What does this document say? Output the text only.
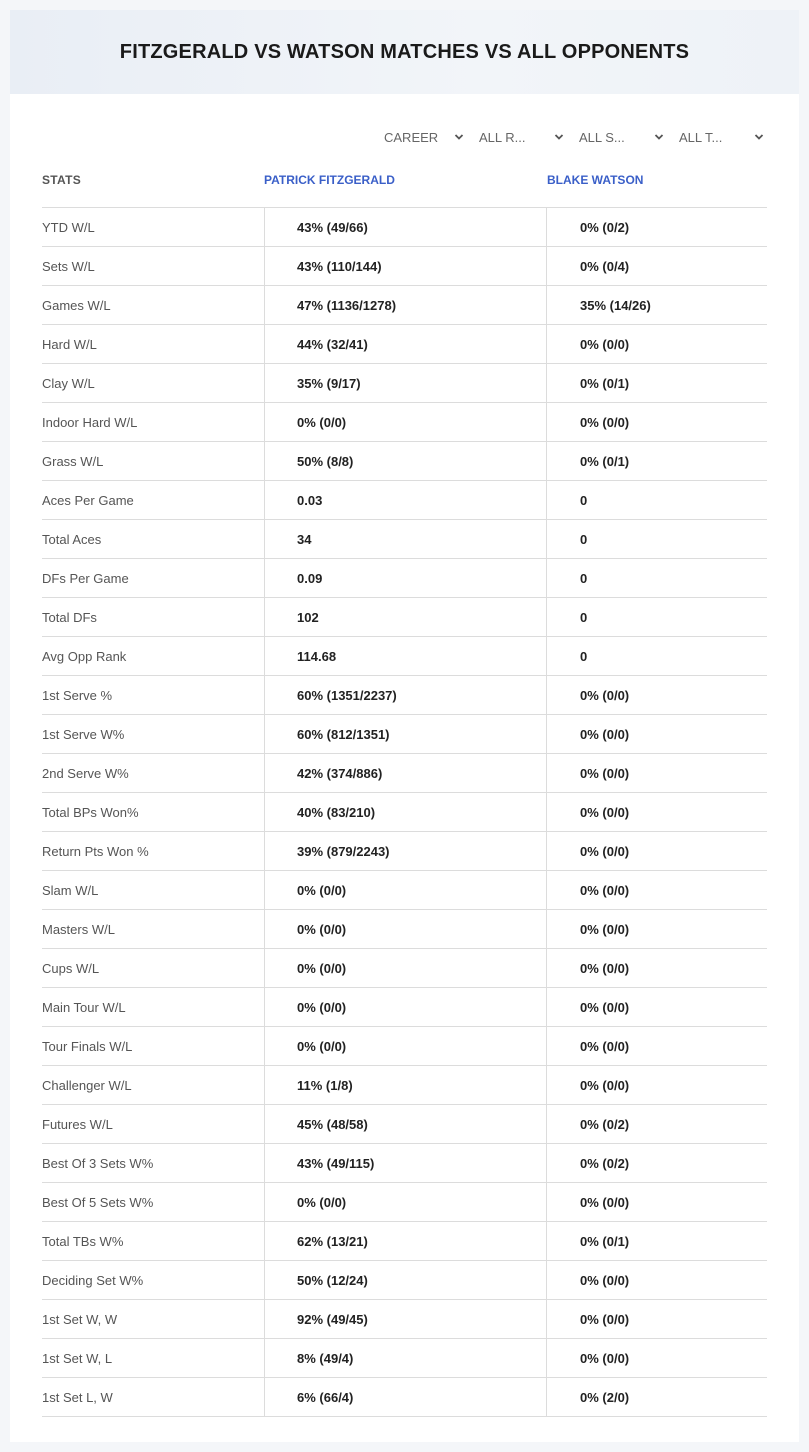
FITZGERALD VS WATSON MATCHES VS ALL OPPONENTS
CAREER	ALL R...	ALL S...	ALL T...
STATS	PATRICK FITZGERALD	BLAKE WATSON
YTD W/L	43% (49/66)	0% (0/2)
Sets W/L	43% (110/144)	0% (0/4)
Games W/L	47% (1136/1278)	35% (14/26)
Hard W/L	44% (32/41)	0% (0/0)
Clay W/L	35% (9/17)	0% (0/1)
Indoor Hard W/L	0% (0/0)	0% (0/0)
Grass W/L	50% (8/8)	0% (0/1)
Aces Per Game	0.03	0
Total Aces	34	0
DFs Per Game	0.09	0
Total DFs	102	0
Avg Opp Rank	114.68	0
1st Serve %	60% (1351/2237)	0% (0/0)
1st Serve W%	60% (812/1351)	0% (0/0)
2nd Serve W%	42% (374/886)	0% (0/0)
Total BPs Won%	40% (83/210)	0% (0/0)
Return Pts Won %	39% (879/2243)	0% (0/0)
Slam W/L	0% (0/0)	0% (0/0)
Masters W/L	0% (0/0)	0% (0/0)
Cups W/L	0% (0/0)	0% (0/0)
Main Tour W/L	0% (0/0)	0% (0/0)
Tour Finals W/L	0% (0/0)	0% (0/0)
Challenger W/L	11% (1/8)	0% (0/0)
Futures W/L	45% (48/58)	0% (0/2)
Best Of 3 Sets W%	43% (49/115)	0% (0/2)
Best Of 5 Sets W%	0% (0/0)	0% (0/0)
Total TBs W%	62% (13/21)	0% (0/1)
Deciding Set W%	50% (12/24)	0% (0/0)
1st Set W, W	92% (49/45)	0% (0/0)
1st Set W, L	8% (49/4)	0% (0/0)
1st Set L, W	6% (66/4)	0% (2/0)
